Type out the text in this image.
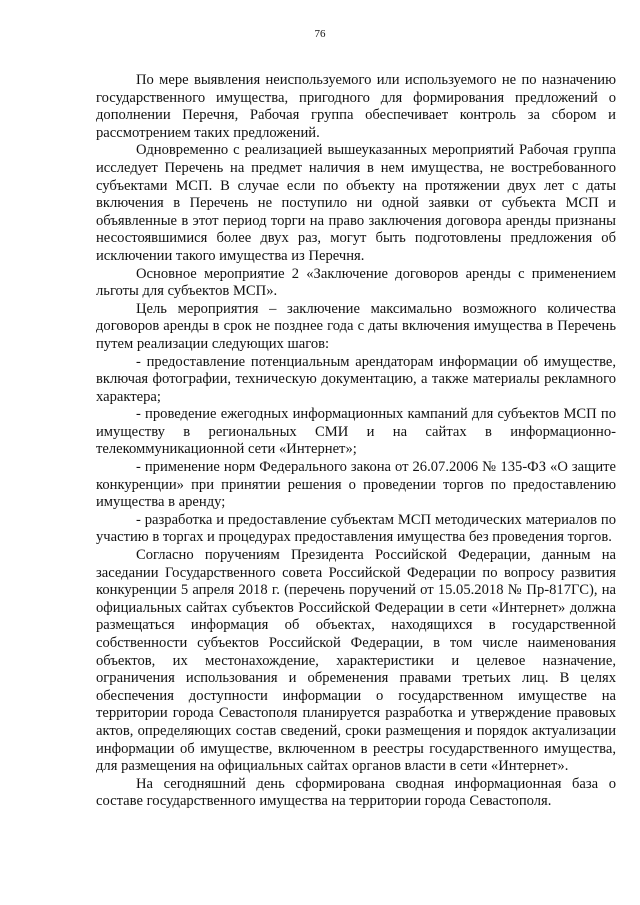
76

По мере выявления неиспользуемого или используемого не по назначению государственного имущества, пригодного для формирования предложений о дополнении Перечня, Рабочая группа обеспечивает контроль за сбором и рассмотрением таких предложений.

Одновременно с реализацией вышеуказанных мероприятий Рабочая группа исследует Перечень на предмет наличия в нем имущества, не востребованного субъектами МСП. В случае если по объекту на протяжении двух лет с даты включения в Перечень не поступило ни одной заявки от субъекта МСП и объявленные в этот период торги на право заключения договора аренды признаны несостоявшимися более двух раз, могут быть подготовлены предложения об исключении такого имущества из Перечня.

Основное мероприятие 2 «Заключение договоров аренды с применением льготы для субъектов МСП».

Цель мероприятия – заключение максимально возможного количества договоров аренды в срок не позднее года с даты включения имущества в Перечень путем реализации следующих шагов:

- предоставление потенциальным арендаторам информации об имуществе, включая фотографии, техническую документацию, а также материалы рекламного характера;

- проведение ежегодных информационных кампаний для субъектов МСП по имуществу в региональных СМИ и на сайтах в информационно-телекоммуникационной сети «Интернет»;

- применение норм Федерального закона от 26.07.2006 № 135-ФЗ «О защите конкуренции» при принятии решения о проведении торгов по предоставлению имущества в аренду;

- разработка и предоставление субъектам МСП методических материалов по участию в торгах и процедурах предоставления имущества без проведения торгов.

Согласно поручениям Президента Российской Федерации, данным на заседании Государственного совета Российской Федерации по вопросу развития конкуренции 5 апреля 2018 г. (перечень поручений от 15.05.2018 № Пр-817ГС), на официальных сайтах субъектов Российской Федерации в сети «Интернет» должна размещаться информация об объектах, находящихся в государственной собственности субъектов Российской Федерации, в том числе наименования объектов, их местонахождение, характеристики и целевое назначение, ограничения использования и обременения правами третьих лиц. В целях обеспечения доступности информации о государственном имуществе на территории города Севастополя планируется разработка и утверждение правовых актов, определяющих состав сведений, сроки размещения и порядок актуализации информации об имуществе, включенном в реестры государственного имущества, для размещения на официальных сайтах органов власти в сети «Интернет».

На сегодняшний день сформирована сводная информационная база о составе государственного имущества на территории города Севастополя.
